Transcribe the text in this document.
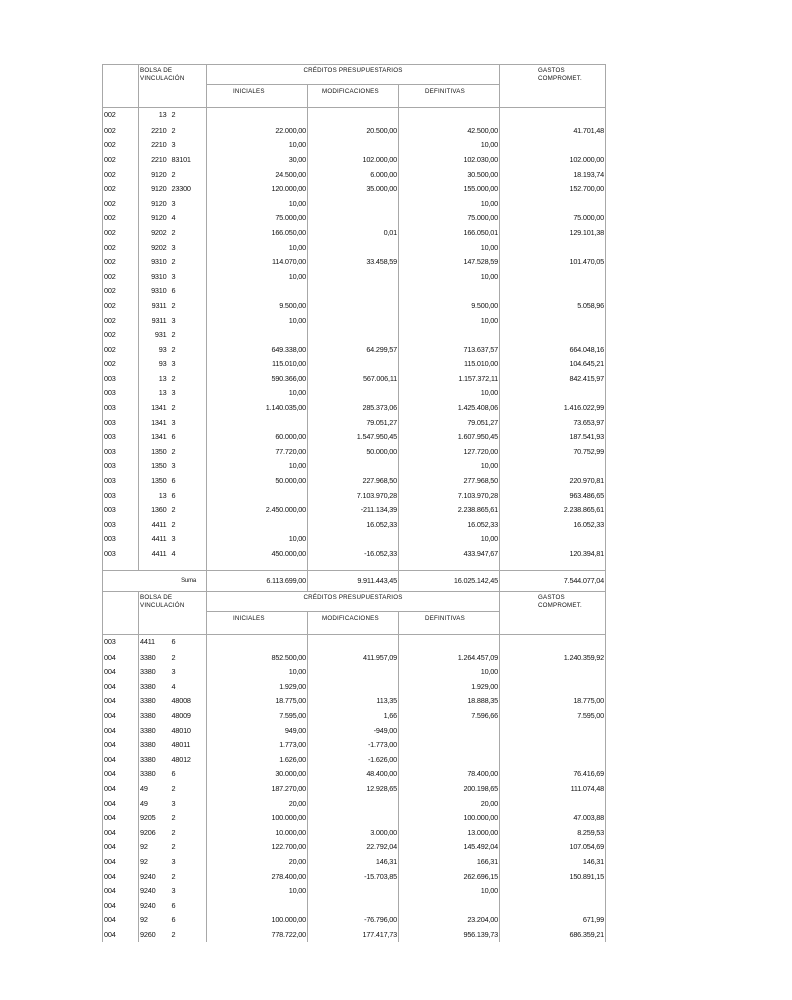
	BOLSA DE
VINCULACIÓN		CRÉDITOS PRESUPUESTARIOS			GASTOS
COMPROMET.

			INICIALES	MODIFICACIONES	DEFINITIVAS	
002	13	2				
002	2210	2	22.000,00	20.500,00	42.500,00	41.701,48
002	2210	3	10,00		10,00	
002	2210	83101	30,00	102.000,00	102.030,00	102.000,00
002	9120	2	24.500,00	6.000,00	30.500,00	18.193,74
002	9120	23300	120.000,00	35.000,00	155.000,00	152.700,00
002	9120	3	10,00		10,00	
002	9120	4	75.000,00		75.000,00	75.000,00
002	9202	2	166.050,00	0,01	166.050,01	129.101,38
002	9202	3	10,00		10,00	
002	9310	2	114.070,00	33.458,59	147.528,59	101.470,05
002	9310	3	10,00		10,00	
002	9310	6				
002	9311	2	9.500,00		9.500,00	5.058,96
002	9311	3	10,00		10,00	
002	931	2				
002	93	2	649.338,00	64.299,57	713.637,57	664.048,16
002	93	3	115.010,00		115.010,00	104.645,21
003	13	2	590.366,00	567.006,11	1.157.372,11	842.415,97
003	13	3	10,00		10,00	
003	1341	2	1.140.035,00	285.373,06	1.425.408,06	1.416.022,99
003	1341	3		79.051,27	79.051,27	73.653,97
003	1341	6	60.000,00	1.547.950,45	1.607.950,45	187.541,93
003	1350	2	77.720,00	50.000,00	127.720,00	70.752,99
003	1350	3	10,00		10,00	
003	1350	6	50.000,00	227.968,50	277.968,50	220.970,81
003	13	6		7.103.970,28	7.103.970,28	963.486,65
003	1360	2	2.450.000,00	-211.134,39	2.238.865,61	2.238.865,61
003	4411	2		16.052,33	16.052,33	16.052,33
003	4411	3	10,00		10,00	
003	4411	4	450.000,00	-16.052,33	433.947,67	120.394,81

	Suma		6.113.699,00	9.911.443,45	16.025.142,45	7.544.077,04

	BOLSA DE
VINCULACIÓN		CRÉDITOS PRESUPUESTARIOS			GASTOS
COMPROMET.

			INICIALES	MODIFICACIONES	DEFINITIVAS	
003	4411	6				
004	3380	2	852.500,00	411.957,09	1.264.457,09	1.240.359,92
004	3380	3	10,00		10,00	
004	3380	4	1.929,00		1.929,00	
004	3380	48008	18.775,00	113,35	18.888,35	18.775,00
004	3380	48009	7.595,00	1,66	7.596,66	7.595,00
004	3380	48010	949,00	-949,00		
004	3380	48011	1.773,00	-1.773,00		
004	3380	48012	1.626,00	-1.626,00		
004	3380	6	30.000,00	48.400,00	78.400,00	76.416,69
004	49	2	187.270,00	12.928,65	200.198,65	111.074,48
004	49	3	20,00		20,00	
004	9205	2	100.000,00		100.000,00	47.003,88
004	9206	2	10.000,00	3.000,00	13.000,00	8.259,53
004	92	2	122.700,00	22.792,04	145.492,04	107.054,69
004	92	3	20,00	146,31	166,31	146,31
004	9240	2	278.400,00	-15.703,85	262.696,15	150.891,15
004	9240	3	10,00		10,00	
004	9240	6				
004	92	6	100.000,00	-76.796,00	23.204,00	671,99
004	9260	2	778.722,00	177.417,73	956.139,73	686.359,21
